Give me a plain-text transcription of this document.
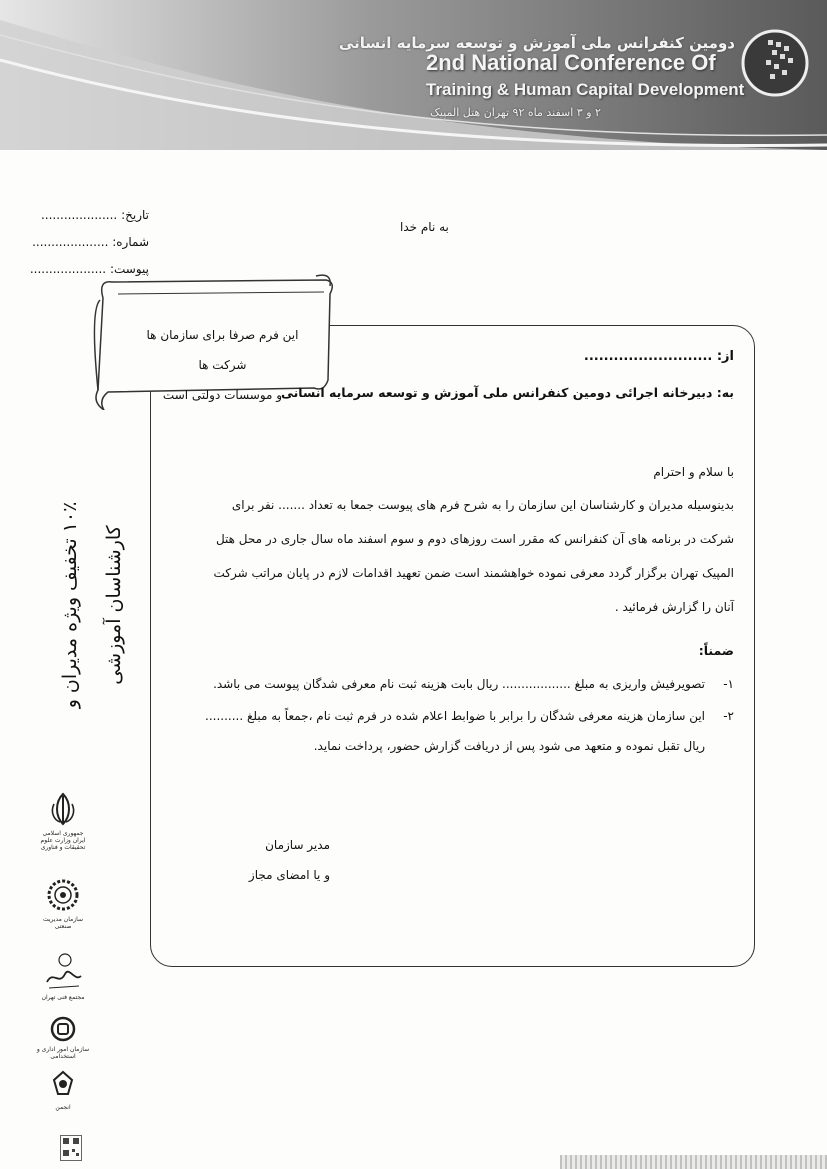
دومین کنفرانس ملی آموزش و توسعه سرمایه انسانی
2nd National Conference Of
Training & Human Capital Development
۲ و ۳ اسفند ماه ۹۲ تهران هتل المپیک
تاریخ: ....................
شماره: ....................
پیوست: ....................
به نام خدا
این فرم صرفا برای سازمان ها شرکت ها
و موسسات دولتی است
از: ..........................
به: دبیرخانه اجرائی دومین کنفرانس ملی آموزش و توسعه سرمایه انسانی
با سلام و احترام
بدینوسیله مدیران و کارشناسان این سازمان را به شرح فرم های پیوست جمعا به تعداد ....... نفر برای
شرکت در برنامه های آن کنفرانس که مقرر است روزهای دوم و سوم اسفند ماه سال جاری در محل هتل
المپیک تهران برگزار گردد معرفی نموده خواهشمند است ضمن تعهید اقدامات لازم در پایان مراتب شرکت
آنان را گزارش فرمائید .
ضمناً:
۱-
تصویرفیش واریزی به مبلغ .................. ریال بابت هزینه ثبت نام معرفی شدگان پیوست می باشد.
۲-
این سازمان هزینه معرفی شدگان را برابر با ضوابط اعلام شده در فرم ثبت نام ،جمعاً به مبلغ ..........
ریال تقبل نموده و متعهد می شود پس از دریافت گزارش حضور، پرداخت نماید.
مدیر سازمان
و یا امضای مجاز
۱۰٪ تخفیف ویژه مدیران و
کارشناسان آموزشی
جمهوری اسلامی ایران وزارت علوم تحقیقات و فناوری
سازمان مدیریت صنعتی
مجتمع فنی تهران
سازمان امور اداری و استخدامی
انجمن
